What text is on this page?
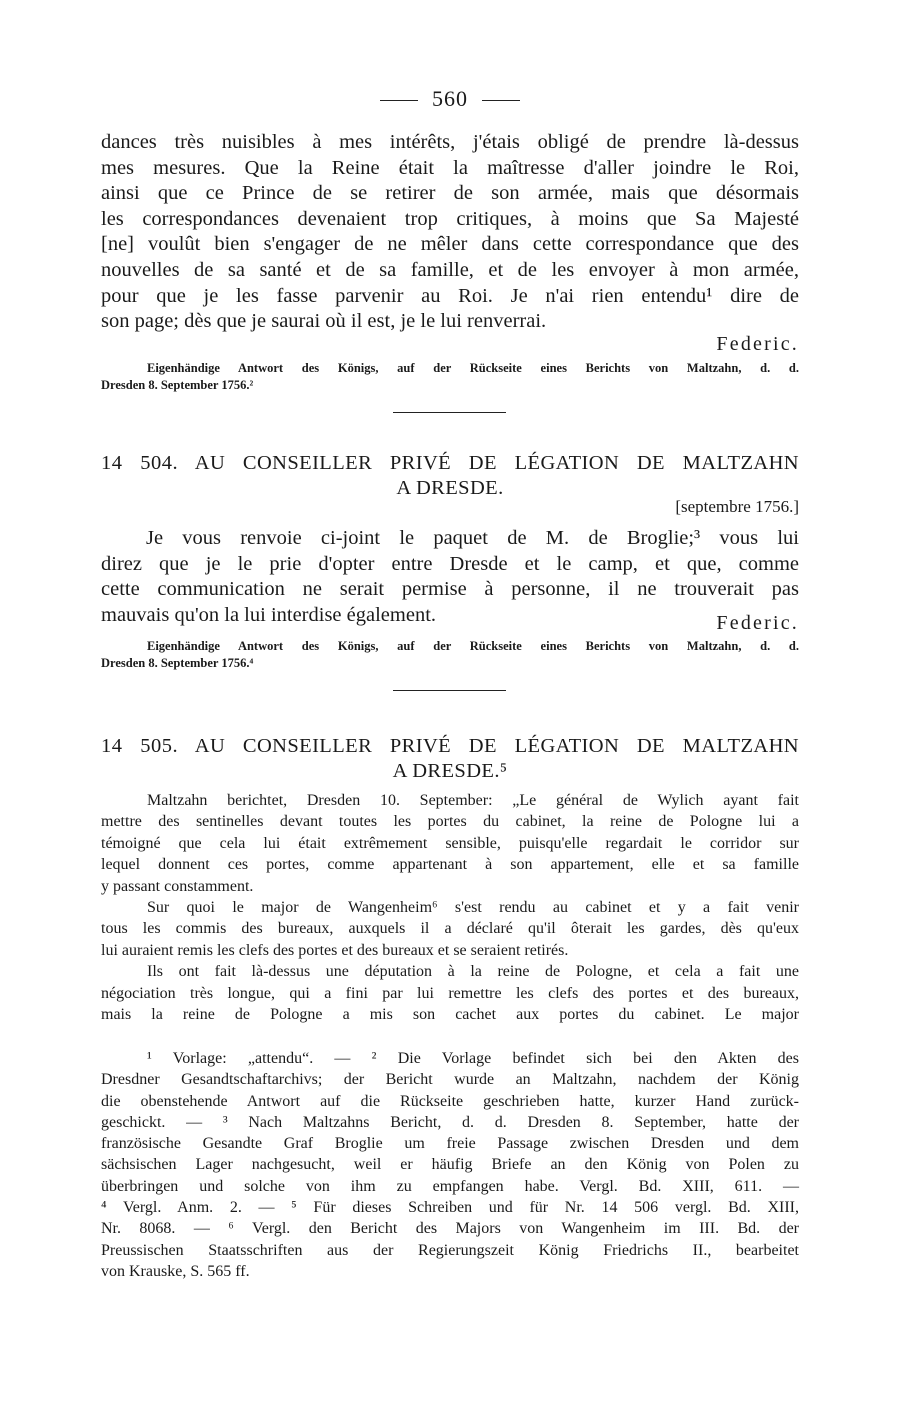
560
dances très nuisibles à mes intérêts, j'étais obligé de prendre là-dessus
mes mesures. Que la Reine était la maîtresse d'aller joindre le Roi,
ainsi que ce Prince de se retirer de son armée, mais que désormais
les correspondances devenaient trop critiques, à moins que Sa Majesté
[ne] voulût bien s'engager de ne mêler dans cette correspondance que des
nouvelles de sa santé et de sa famille, et de les envoyer à mon armée,
pour que je les fasse parvenir au Roi. Je n'ai rien entendu¹ dire de
son page; dès que je saurai où il est, je le lui renverrai.
Federic.
Eigenhändige Antwort des Königs, auf der Rückseite eines Berichts von Maltzahn, d. d.
Dresden 8. September 1756.²
14 504. AU CONSEILLER PRIVÉ DE LÉGATION DE MALTZAHN
A DRESDE.
[septembre 1756.]
Je vous renvoie ci-joint le paquet de M. de Broglie;³ vous lui
direz que je le prie d'opter entre Dresde et le camp, et que, comme
cette communication ne serait permise à personne, il ne trouverait pas
mauvais qu'on la lui interdise également.	Federic.
Eigenhändige Antwort des Königs, auf der Rückseite eines Berichts von Maltzahn, d. d.
Dresden 8. September 1756.⁴
14 505. AU CONSEILLER PRIVÉ DE LÉGATION DE MALTZAHN
A DRESDE.⁵
Maltzahn berichtet, Dresden 10. September: „Le général de Wylich ayant fait
mettre des sentinelles devant toutes les portes du cabinet, la reine de Pologne lui a
témoigné que cela lui était extrêmement sensible, puisqu'elle regardait le corridor sur
lequel donnent ces portes, comme appartenant à son appartement, elle et sa famille
y passant constamment.
Sur quoi le major de Wangenheim⁶ s'est rendu au cabinet et y a fait venir
tous les commis des bureaux, auxquels il a déclaré qu'il ôterait les gardes, dès qu'eux
lui auraient remis les clefs des portes et des bureaux et se seraient retirés.
Ils ont fait là-dessus une députation à la reine de Pologne, et cela a fait une
négociation très longue, qui a fini par lui remettre les clefs des portes et des bureaux,
mais la reine de Pologne a mis son cachet aux portes du cabinet. Le major
¹ Vorlage: „attendu“. — ² Die Vorlage befindet sich bei den Akten des
Dresdner Gesandtschaftarchivs; der Bericht wurde an Maltzahn, nachdem der König
die obenstehende Antwort auf die Rückseite geschrieben hatte, kurzer Hand zurück-
geschickt. — ³ Nach Maltzahns Bericht, d. d. Dresden 8. September, hatte der
französische Gesandte Graf Broglie um freie Passage zwischen Dresden und dem
sächsischen Lager nachgesucht, weil er häufig Briefe an den König von Polen zu
überbringen und solche von ihm zu empfangen habe. Vergl. Bd. XIII, 611. —
⁴ Vergl. Anm. 2. — ⁵ Für dieses Schreiben und für Nr. 14 506 vergl. Bd. XIII,
Nr. 8068. — ⁶ Vergl. den Bericht des Majors von Wangenheim im III. Bd. der
Preussischen Staatsschriften aus der Regierungszeit König Friedrichs II., bearbeitet
von Krauske, S. 565 ff.
